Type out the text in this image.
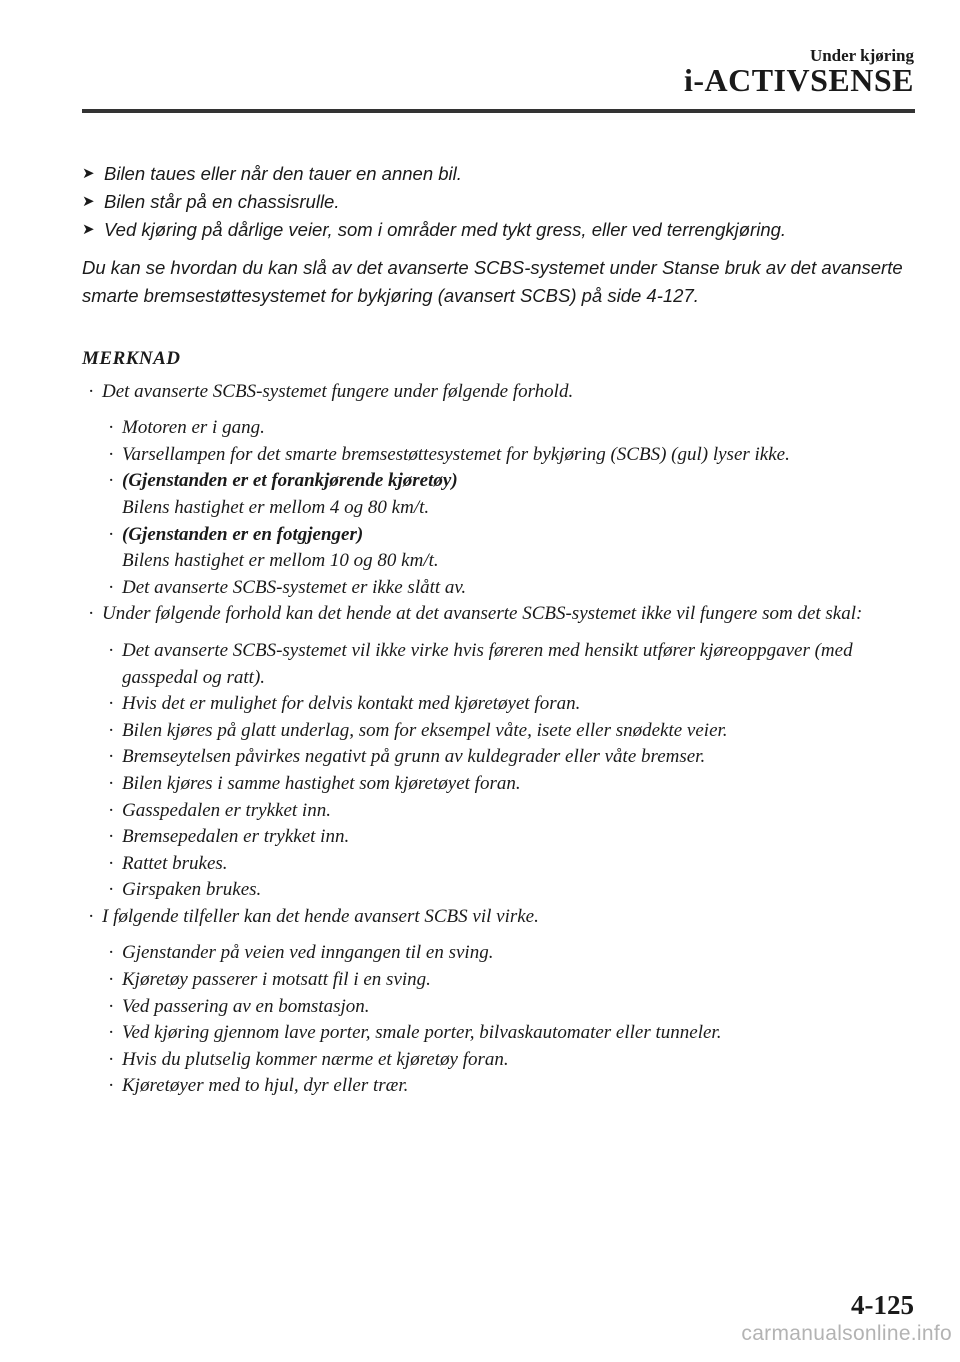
Under kjøring
i-ACTIVSENSE
➤ Bilen taues eller når den tauer en annen bil.
➤ Bilen står på en chassisrulle.
➤ Ved kjøring på dårlige veier, som i områder med tykt gress, eller ved terrengkjøring.
Du kan se hvordan du kan slå av det avanserte SCBS-systemet under Stanse bruk av det avanserte smarte bremsestøttesystemet for bykjøring (avansert SCBS) på side 4-127.
MERKNAD
· Det avanserte SCBS-systemet fungere under følgende forhold.
· Motoren er i gang.
· Varsellampen for det smarte bremsestøttesystemet for bykjøring (SCBS) (gul) lyser ikke.
· (Gjenstanden er et forankjørende kjøretøy)
Bilens hastighet er mellom 4 og 80 km/t.
· (Gjenstanden er en fotgjenger)
Bilens hastighet er mellom 10 og 80 km/t.
· Det avanserte SCBS-systemet er ikke slått av.
· Under følgende forhold kan det hende at det avanserte SCBS-systemet ikke vil fungere som det skal:
· Det avanserte SCBS-systemet vil ikke virke hvis føreren med hensikt utfører kjøreoppgaver (med gasspedal og ratt).
· Hvis det er mulighet for delvis kontakt med kjøretøyet foran.
· Bilen kjøres på glatt underlag, som for eksempel våte, isete eller snødekte veier.
· Bremseytelsen påvirkes negativt på grunn av kuldegrader eller våte bremser.
· Bilen kjøres i samme hastighet som kjøretøyet foran.
· Gasspedalen er trykket inn.
· Bremsepedalen er trykket inn.
· Rattet brukes.
· Girspaken brukes.
· I følgende tilfeller kan det hende avansert SCBS vil virke.
· Gjenstander på veien ved inngangen til en sving.
· Kjøretøy passerer i motsatt fil i en sving.
· Ved passering av en bomstasjon.
· Ved kjøring gjennom lave porter, smale porter, bilvaskautomater eller tunneler.
· Hvis du plutselig kommer nærme et kjøretøy foran.
· Kjøretøyer med to hjul, dyr eller trær.
4-125
carmanualsonline.info
